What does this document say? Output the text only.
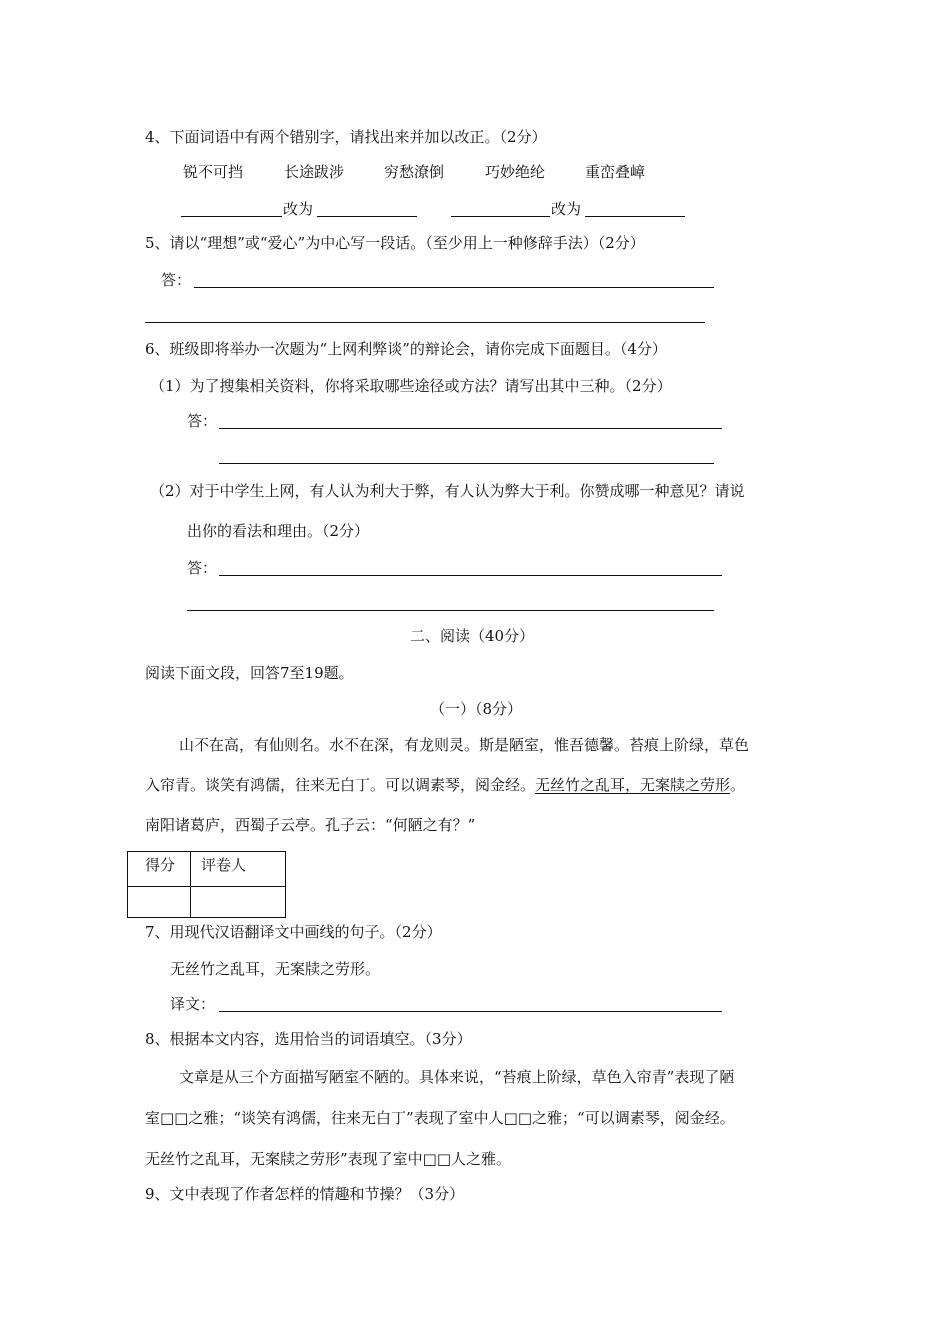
4、下面词语中有两个错别字，请找出来并加以改正。（2分）
锐不可挡	长途跋涉	穷愁潦倒	巧妙绝纶	重峦叠嶂
改为	改为
5、请以“理想”或“爱心”为中心写一段话。（至少用上一种修辞手法）（2分）
答：
6、班级即将举办一次题为“上网利弊谈”的辩论会，请你完成下面题目。（4分）
（1）为了搜集相关资料，你将采取哪些途径或方法？请写出其中三种。（2分）
答：
（2）对于中学生上网，有人认为利大于弊，有人认为弊大于利。你赞成哪一种意见？请说
出你的看法和理由。（2分）
答：
二、阅读（40分）
阅读下面文段，回答7至19题。
（一）（8分）
山不在高，有仙则名。水不在深，有龙则灵。斯是陋室，惟吾德馨。苔痕上阶绿，草色
入帘青。谈笑有鸿儒，往来无白丁。可以调素琴，阅金经。无丝竹之乱耳，无案牍之劳形。
南阳诸葛庐，西蜀子云亭。孔子云：“何陋之有？”
得分	评卷人

7、用现代汉语翻译文中画线的句子。（2分）
无丝竹之乱耳，无案牍之劳形。
译文：
8、根据本文内容，选用恰当的词语填空。（3分）
文章是从三个方面描写陋室不陋的。具体来说，“苔痕上阶绿，草色入帘青”表现了陋
室□□之雅；“谈笑有鸿儒，往来无白丁”表现了室中人□□之雅；“可以调素琴，阅金经。
无丝竹之乱耳，无案牍之劳形”表现了室中□□人之雅。
9、文中表现了作者怎样的情趣和节操？（3分）
